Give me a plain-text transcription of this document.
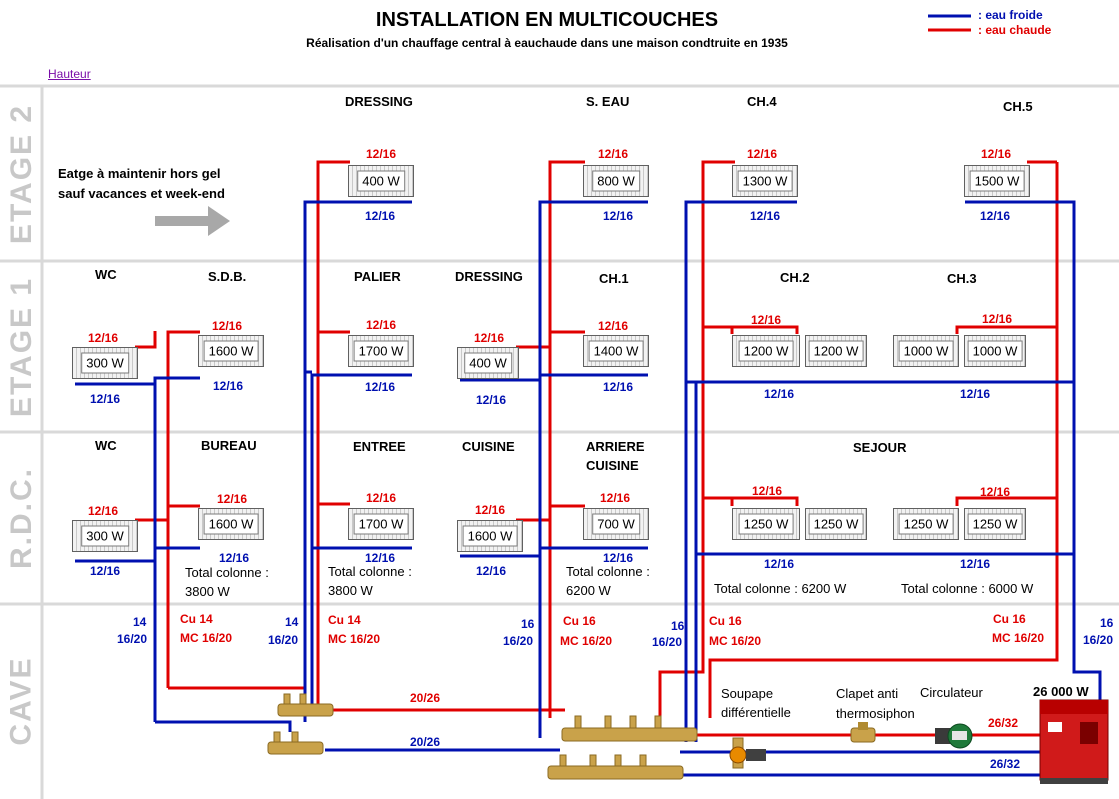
INSTALLATION EN MULTICOUCHES
Réalisation d'un chauffage central à eauchaude dans une maison condtruite en 1935
: eau froide
: eau chaude
Hauteur
ETAGE 2
ETAGE 1
R.D.C.
CAVE
Eatge à maintenir hors gel
sauf vacances et week-end
DRESSING	S. EAU	CH.4	CH.5
WC	S.D.B.	PALIER	DRESSING	CH.1	CH.2	CH.3
WC	BUREAU	ENTREE	CUISINE	ARRIERE
CUISINE
SEJOUR
400 W	800 W	1300 W	1500 W
300 W
1600 W	1700 W
400 W
1400 W	1200 W	1200 W	1000 W	1000 W
300 W
1600 W	1700 W
1600 W
700 W	1250 W	1250 W	1250 W	1250 W
12/16	12/16	12/16	12/16
12/16
12/16	12/16
12/16
12/16	12/16	12/16
12/16
12/16	12/16
12/16
12/16	12/16	12/16
12/16	12/16	12/16	12/16
12/16
12/16	12/16
12/16
12/16	12/16	12/16
12/16
12/16	12/16
12/16
12/16	12/16	12/16
Total colonne :
3800 W
Total colonne :
3800 W
Total colonne :
6200 W	Total colonne : 6200 W	Total colonne : 6000 W
14
16/20
Cu 14
MC 16/20
14
16/20
Cu 14
MC 16/20
16
16/20
Cu 16
MC 16/20
16
16/20
Cu 16
MC 16/20
Cu 16
MC 16/20
16
16/20
20/26
20/26
Soupape
différentielle
Clapet anti
thermosiphon
Circulateur
26/32
26/32
26 000 W
